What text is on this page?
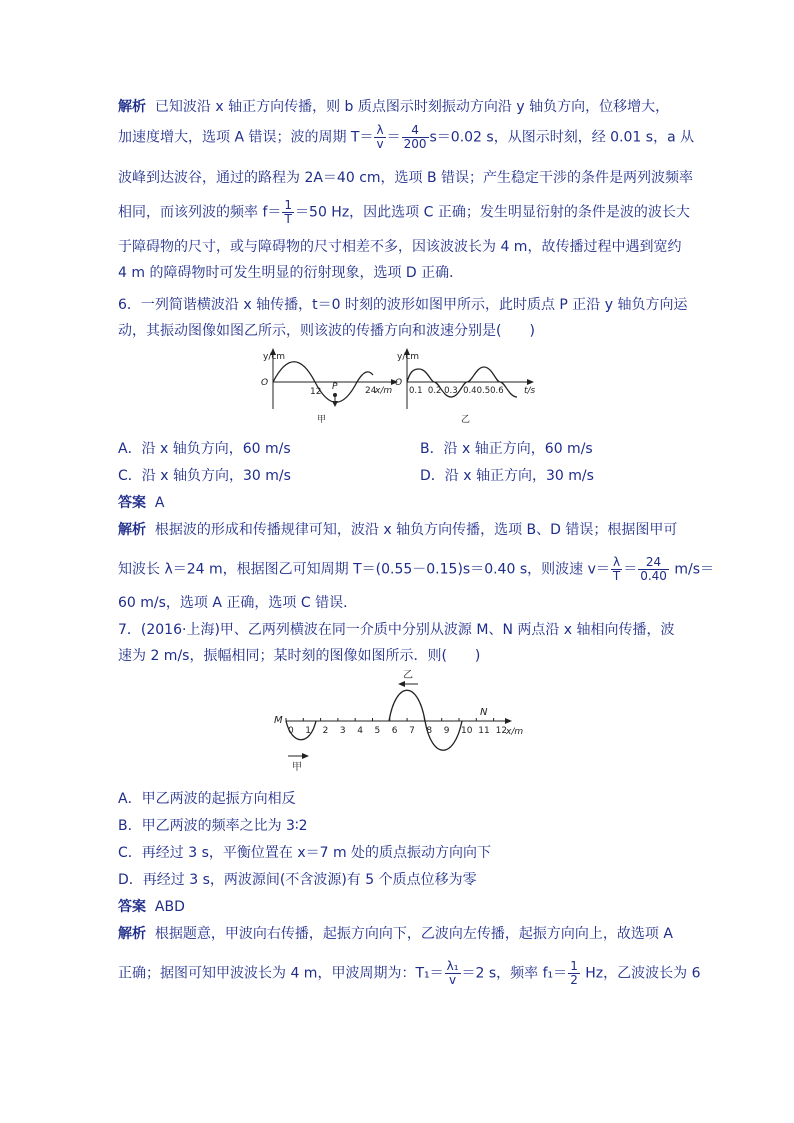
解析 已知波沿 x 轴正方向传播，则 b 质点图示时刻振动方向沿 y 轴负方向，位移增大，
加速度增大，选项 A 错误；波的周期 $T= \frac{\lambda}{v} = \frac{4}{200} s=0.02$ s，从图示时刻，经 0.01 s，a 从
波峰到达波谷，通过的路程为 2A＝40 cm，选项 B 错误；产生稳定干涉的条件是两列波频率
相同，而该列波的频率 $f= \frac{1}{T} =50$ Hz，因此选项 C 正确；发生明显衍射的条件是波的波长大
于障碍物的尺寸，或与障碍物的尺寸相差不多，因该波波长为 4 m，故传播过程中遇到宽约
4 m 的障碍物时可发生明显的衍射现象，选项 D 正确．
6．一列简谐横波沿 x 轴传播，t＝0 时刻的波形如图甲所示，此时质点 P 正沿 y 轴负方向运
动，其振动图像如图乙所示，则该波的传播方向和波速分别是(　　)
y/cm
O
12 P	24
x/m
甲
y/cm
O
0.1  0.2 0.3  0.40.50.6 t/s
乙
A．沿 x 轴负方向，60 m/s	B．沿 x 轴正方向，60 m/s
C．沿 x 轴负方向，30 m/s	D．沿 x 轴正方向，30 m/s
答案 A
解析 根据波的形成和传播规律可知，波沿 x 轴负方向传播，选项 B、D 错误；根据图甲可
知波长 λ＝24 m，根据图乙可知周期 T＝(0.55－0.15)s＝0.40 s，则波速 $v= \frac{\lambda}{T} = \frac{24}{0.40} m/s=$
60 m/s，选项 A 正确，选项 C 错误．
7．(2016·上海)甲、乙两列横波在同一介质中分别从波源 M、N 两点沿 x 轴相向传播，波
速为 2 m/s，振幅相同；某时刻的图像如图所示．则(　　)
0 1 2 3 4 5 6 7 8 9 10 11 12
乙
甲
M
N
x/m
A．甲乙两波的起振方向相反
B．甲乙两波的频率之比为 3∶2
C．再经过 3 s，平衡位置在 x＝7 m 处的质点振动方向向下
D．再经过 3 s，两波源间(不含波源)有 5 个质点位移为零
答案 ABD
解析 根据题意，甲波向右传播，起振方向向下，乙波向左传播，起振方向向上，故选项 A
正确；据图可知甲波波长为 4 m，甲波周期为：$T_1= \frac{\text{λ₁}}{v} =2$ s，频率 $f_1= \frac{1}{2}$ Hz，乙波波长为 6
